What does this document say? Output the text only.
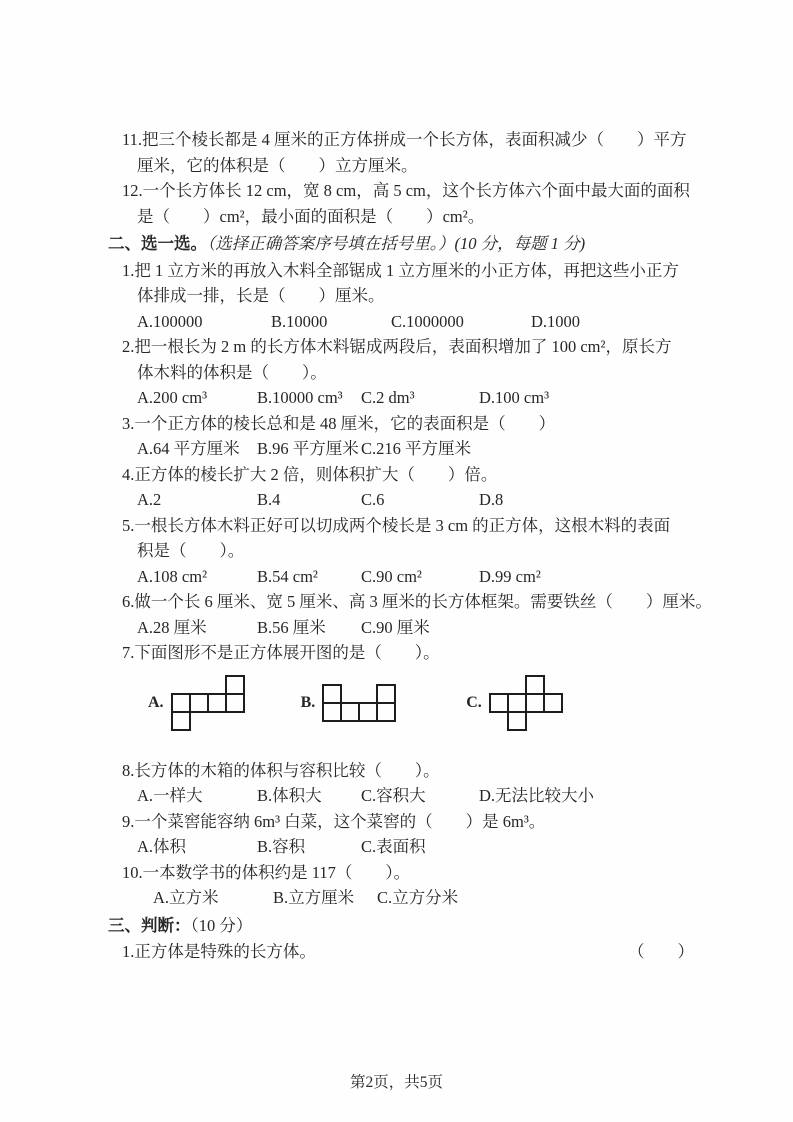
11.把三个棱长都是 4 厘米的正方体拼成一个长方体，表面积减少（　　）平方
厘米，它的体积是（　　）立方厘米。
12.一个长方体长 12 cm，宽 8 cm，高 5 cm，这个长方体六个面中最大面的面积
是（　　）cm²，最小面的面积是（　　）cm²。
二、选一选。（选择正确答案序号填在括号里。）(10 分，每题 1 分)
1.把 1 立方米的再放入木料全部锯成 1 立方厘米的小正方体，再把这些小正方
体排成一排，长是（　　）厘米。
A.100000	B.10000	C.1000000	D.1000
2.把一根长为 2 m 的长方体木料锯成两段后，表面积增加了 100 cm²，原长方
体木料的体积是（　　）。
A.200 cm³	B.10000 cm³ C.2 dm³	D.100 cm³
3.一个正方体的棱长总和是 48 厘米，它的表面积是（　　）
A.64 平方厘米 B.96 平方厘米 C.216 平方厘米
4.正方体的棱长扩大 2 倍，则体积扩大（　　）倍。
A.2	B.4	C.6	D.8
5.一根长方体木料正好可以切成两个棱长是 3 cm 的正方体，这根木料的表面
积是（　　）。
A.108 cm²	B.54 cm²	C.90 cm²	D.99 cm²
6.做一个长 6 厘米、宽 5 厘米、高 3 厘米的长方体框架。需要铁丝（　　）厘米。
A.28 厘米	B.56 厘米 C.90 厘米
7.下面图形不是正方体展开图的是（　　）。
A.	B.	C.
8.长方体的木箱的体积与容积比较（　　）。
A.一样大	B.体积大 C.容积大	D.无法比较大小
9.一个菜窖能容纳 6m³ 白菜，这个菜窖的（　　）是 6m³。
A.体积	B.容积	C.表面积
10.一本数学书的体积约是 117（　　）。
A.立方米	B.立方厘米 C.立方分米
三、判断：（10 分）
1.正方体是特殊的长方体。	（　　）
第2页，共5页
